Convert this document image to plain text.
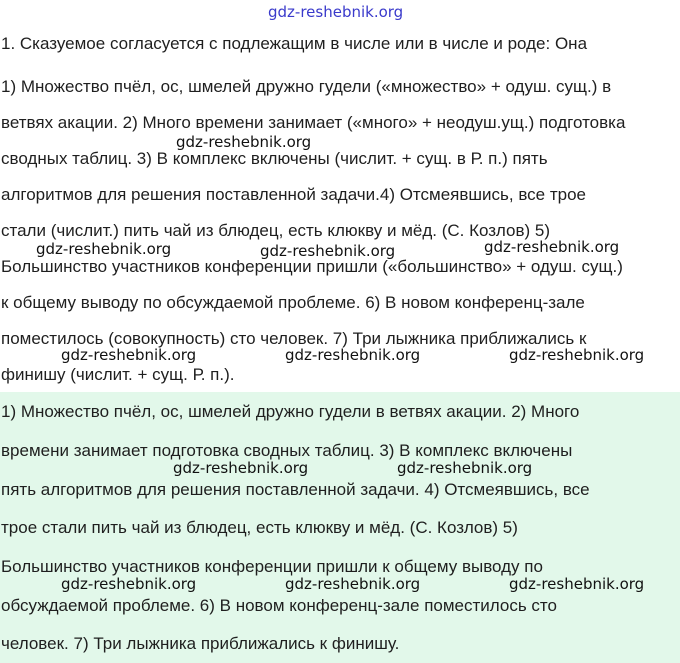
gdz-reshebnik.org
1. Сказуемое согласуется с подлежащим в числе или в числе и роде: Она
1) Множество пчёл, ос, шмелей дружно гудели («множество» + одуш. сущ.) в
ветвях акации. 2) Много времени занимает («много» + неодуш.ущ.) подготовка
сводных таблиц. 3) В комплекс включены (числит. + сущ. в Р. п.) пять
алгоритмов для решения поставленной задачи.4) Отсмеявшись, все трое
стали (числит.) пить чай из блюдец, есть клюкву и мёд. (С. Козлов) 5)
Большинство участников конференции пришли («большинство» + одуш. сущ.)
к общему выводу по обсуждаемой проблеме. 6) В новом конференц-зале
поместилось (совокупность) сто человек. 7) Три лыжника приближались к
финишу (числит. + сущ. Р. п.).
1) Множество пчёл, ос, шмелей дружно гудели в ветвях акации. 2) Много
времени занимает подготовка сводных таблиц. 3) В комплекс включены
пять алгоритмов для решения поставленной задачи. 4) Отсмеявшись, все
трое стали пить чай из блюдец, есть клюкву и мёд. (С. Козлов) 5)
Большинство участников конференции пришли к общему выводу по
обсуждаемой проблеме. 6) В новом конференц-зале поместилось сто
человек. 7) Три лыжника приближались к финишу.
gdz-reshebnik.org
gdz-reshebnik.org	gdz-reshebnik.org	gdz-reshebnik.org
gdz-reshebnik.org	gdz-reshebnik.org	gdz-reshebnik.org
gdz-reshebnik.org	gdz-reshebnik.org
gdz-reshebnik.org	gdz-reshebnik.org	gdz-reshebnik.org
